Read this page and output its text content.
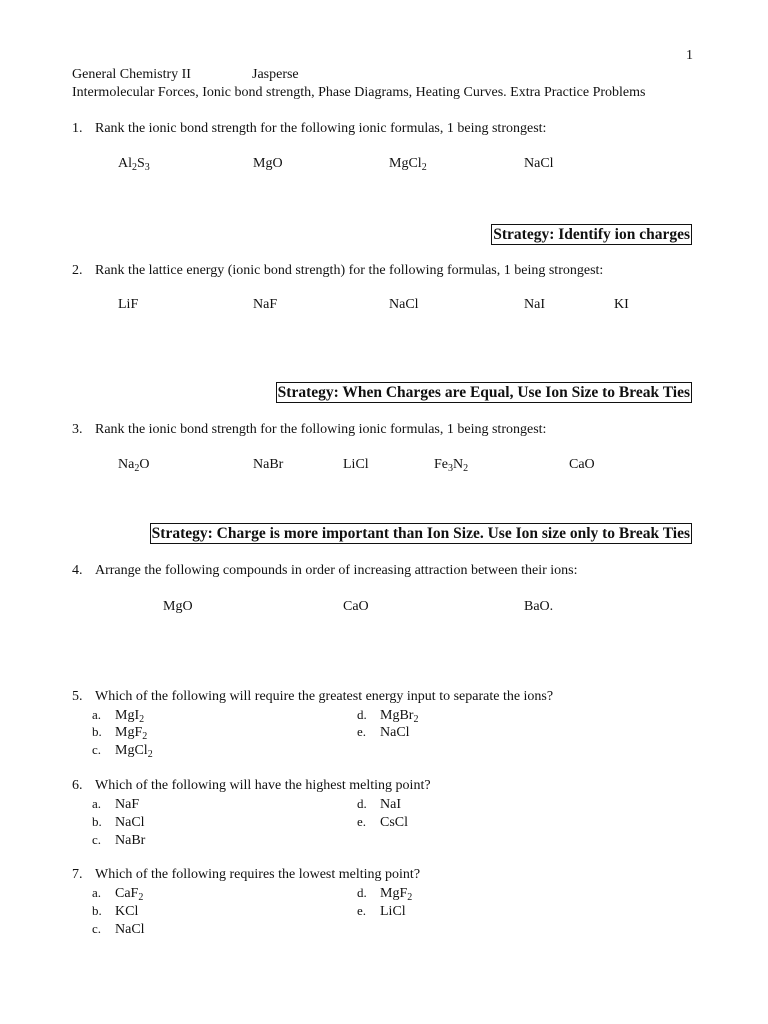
1
General Chemistry II	Jasperse
Intermolecular Forces, Ionic bond strength, Phase Diagrams, Heating Curves. Extra Practice Problems
1. Rank the ionic bond strength for the following ionic formulas, 1 being strongest:
$Al_2S_3$	MgO	MgCl$_2$	NaCl
Strategy: Identify ion charges
2. Rank the lattice energy (ionic bond strength) for the following formulas, 1 being strongest:
LiF	NaF	NaCl	NaI	KI
Strategy: When Charges are Equal, Use Ion Size to Break Ties
3. Rank the ionic bond strength for the following ionic formulas, 1 being strongest:
$Na_2O$	NaBr	LiCl	$Fe_3N_2$	CaO
Strategy: Charge is more important than Ion Size. Use Ion size only to Break Ties
4. Arrange the following compounds in order of increasing attraction between their ions:
MgO	CaO	BaO.
5. Which of the following will require the greatest energy input to separate the ions?
a. MgI$_2$
b. MgF$_2$
c. MgCl$_2$
d. MgBr$_2$
e. NaCl
6. Which of the following will have the highest melting point?
a. NaF
b. NaCl
c. NaBr
d. NaI
e. CsCl
7. Which of the following requires the lowest melting point?
a. CaF$_2$
b. KCl
c. NaCl
d. MgF$_2$
e. LiCl
